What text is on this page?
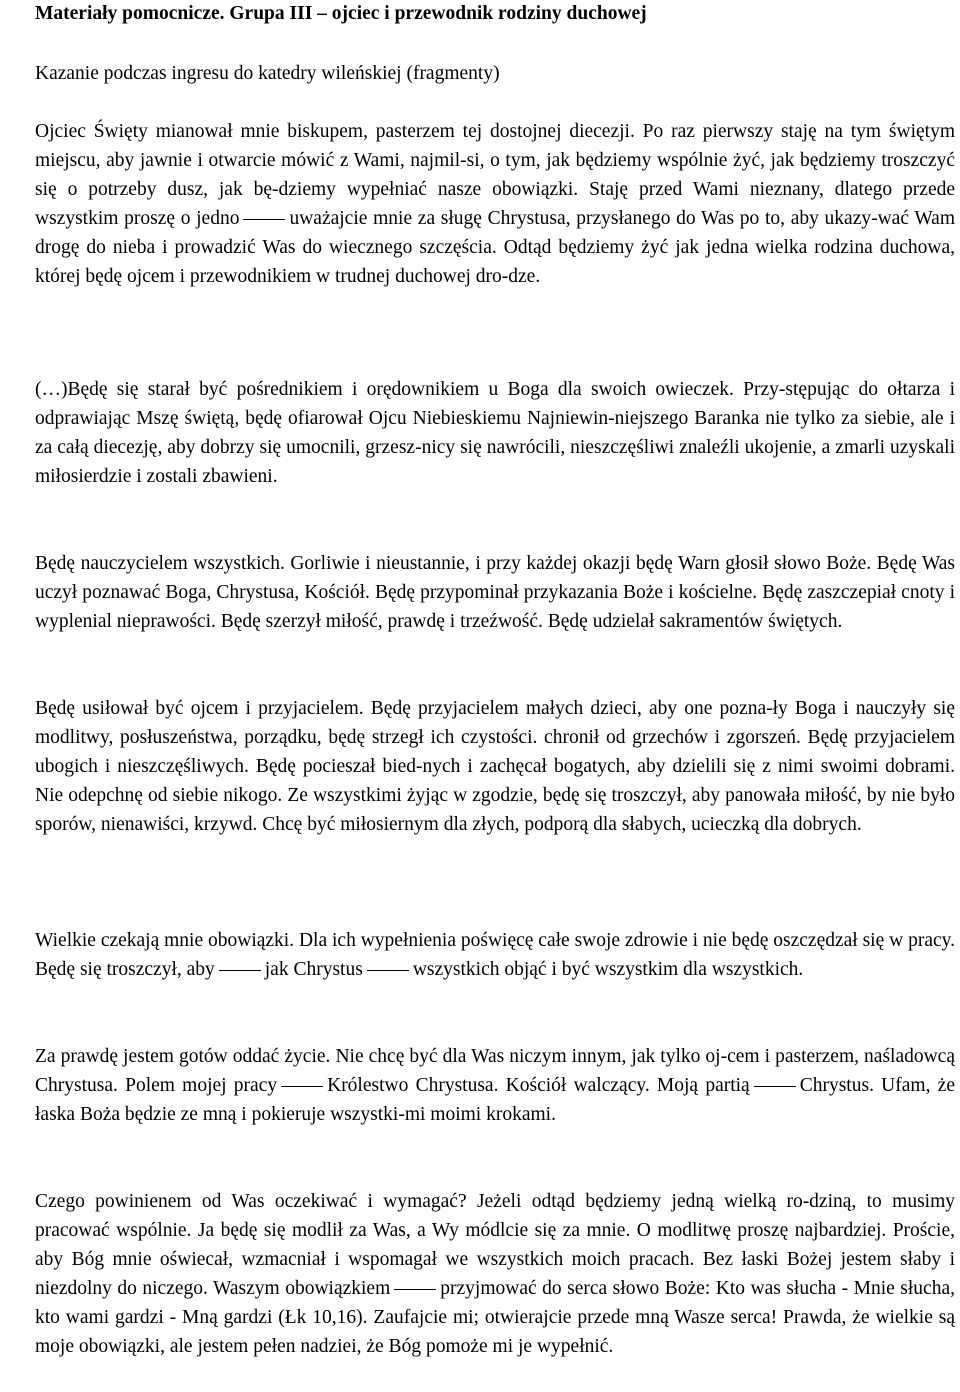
Materiały pomocnicze. Grupa III – ojciec i przewodnik rodziny duchowej
Kazanie podczas ingresu do katedry wileńskiej (fragmenty)

Ojciec Święty mianował mnie biskupem, pasterzem tej dostojnej diecezji. Po raz pierwszy staję na tym świętym miejscu, aby jawnie i otwarcie mówić z Wami, najmil-si, o tym, jak będziemy wspólnie żyć, jak będziemy troszczyć się o potrzeby dusz, jak bę-dziemy wypełniać nasze obowiązki. Staję przed Wami nieznany, dlatego przede wszystkim proszę o jedno	uważajcie mnie za sługę Chrystusa, przysłanego do Was po to, aby ukazy-wać Wam drogę do nieba i prowadzić Was do wiecznego szczęścia. Odtąd będziemy żyć jak jedna wielka rodzina duchowa, której będę ojcem i przewodnikiem w trudnej duchowej dro-dze.

(…)Będę się starał być pośrednikiem i orędownikiem u Boga dla swoich owieczek. Przy-stępując do ołtarza i odprawiając Mszę świętą, będę ofiarował Ojcu Niebieskiemu Najniewin-niejszego Baranka nie tylko za siebie, ale i za całą diecezję, aby dobrzy się umocnili, grzesz-nicy się nawrócili, nieszczęśliwi znaleźli ukojenie, a zmarli uzyskali miłosierdzie i zostali zbawieni.

Będę nauczycielem wszystkich. Gorliwie i nieustannie, i przy każdej okazji będę Warn głosił słowo Boże. Będę Was uczył poznawać Boga, Chrystusa, Kościół. Będę przypominał przykazania Boże i kościelne. Będę zaszczepiał cnoty i wyplenial nieprawości. Będę szerzył miłość, prawdę i trzeźwość. Będę udzielał sakramentów świętych.

Będę usiłował być ojcem i przyjacielem. Będę przyjacielem małych dzieci, aby one pozna-ły Boga i nauczyły się modlitwy, posłuszeństwa, porządku, będę strzegł ich czystości. chronił od grzechów i zgorszeń. Będę przyjacielem ubogich i nieszczęśliwych. Będę pocieszał bied-nych i zachęcał bogatych, aby dzielili się z nimi swoimi dobrami. Nie odepchnę od siebie nikogo. Ze wszystkimi żyjąc w zgodzie, będę się troszczył, aby panowała miłość, by nie było sporów, nienawiści, krzywd. Chcę być miłosiernym dla złych, podporą dla słabych, ucieczką dla dobrych.

Wielkie czekają mnie obowiązki. Dla ich wypełnienia poświęcę całe swoje zdrowie i nie będę oszczędzał się w pracy. Będę się troszczył, aby	jak Chrystus	wszystkich objąć i być wszystkim dla wszystkich.

Za prawdę jestem gotów oddać życie. Nie chcę być dla Was niczym innym, jak tylko oj-cem i pasterzem, naśladowcą Chrystusa. Polem mojej pracy	Królestwo Chrystusa. Kościół walczący. Moją partią	Chrystus. Ufam, że łaska Boża będzie ze mną i pokieruje wszystki-mi moimi krokami.

Czego powinienem od Was oczekiwać i wymagać? Jeżeli odtąd będziemy jedną wielką ro-dziną, to musimy pracować wspólnie. Ja będę się modlił za Was, a Wy módlcie się za mnie. O modlitwę proszę najbardziej. Proście, aby Bóg mnie oświecał, wzmacniał i wspomagał we wszystkich moich pracach. Bez łaski Bożej jestem słaby i niezdolny do niczego. Waszym obowiązkiem	przyjmować do serca słowo Boże: Kto was słucha - Mnie słucha, kto wami gardzi - Mną gardzi (Łk 10,16). Zaufajcie mi; otwierajcie przede mną Wasze serca! Prawda, że wielkie są moje obowiązki, ale jestem pełen nadziei, że Bóg pomoże mi je wypełnić.
